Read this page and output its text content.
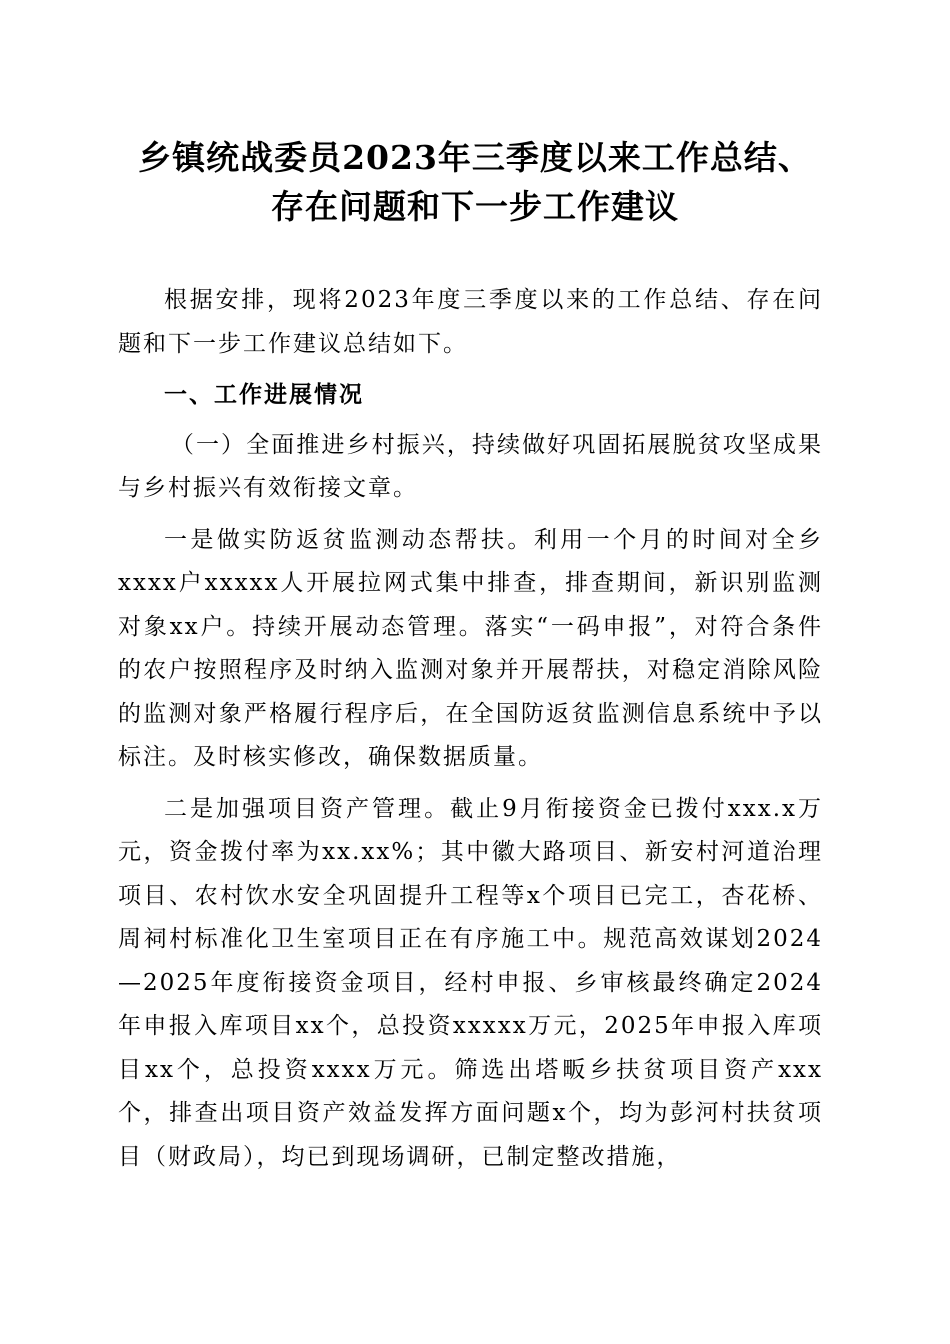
乡镇统战委员2023年三季度以来工作总结、
存在问题和下一步工作建议

根据安排，现将2023年度三季度以来的工作总结、存在问题和下一步工作建议总结如下。

一、工作进展情况

（一）全面推进乡村振兴，持续做好巩固拓展脱贫攻坚成果与乡村振兴有效衔接文章。

一是做实防返贫监测动态帮扶。利用一个月的时间对全乡xxxx户xxxxx人开展拉网式集中排查，排查期间，新识别监测对象xx户。持续开展动态管理。落实“一码申报”，对符合条件的农户按照程序及时纳入监测对象并开展帮扶，对稳定消除风险的监测对象严格履行程序后，在全国防返贫监测信息系统中予以标注。及时核实修改，确保数据质量。

二是加强项目资产管理。截止9月衔接资金已拨付xxx.x万元，资金拨付率为xx.xx%；其中徽大路项目、新安村河道治理项目、农村饮水安全巩固提升工程等x个项目已完工，杏花桥、周祠村标准化卫生室项目正在有序施工中。规范高效谋划2024—2025年度衔接资金项目，经村申报、乡审核最终确定2024年申报入库项目xx个，总投资xxxxx万元，2025年申报入库项目xx个，总投资xxxx万元。筛选出塔畈乡扶贫项目资产xxx个，排查出项目资产效益发挥方面问题x个，均为彭河村扶贫项目（财政局），均已到现场调研，已制定整改措施，
